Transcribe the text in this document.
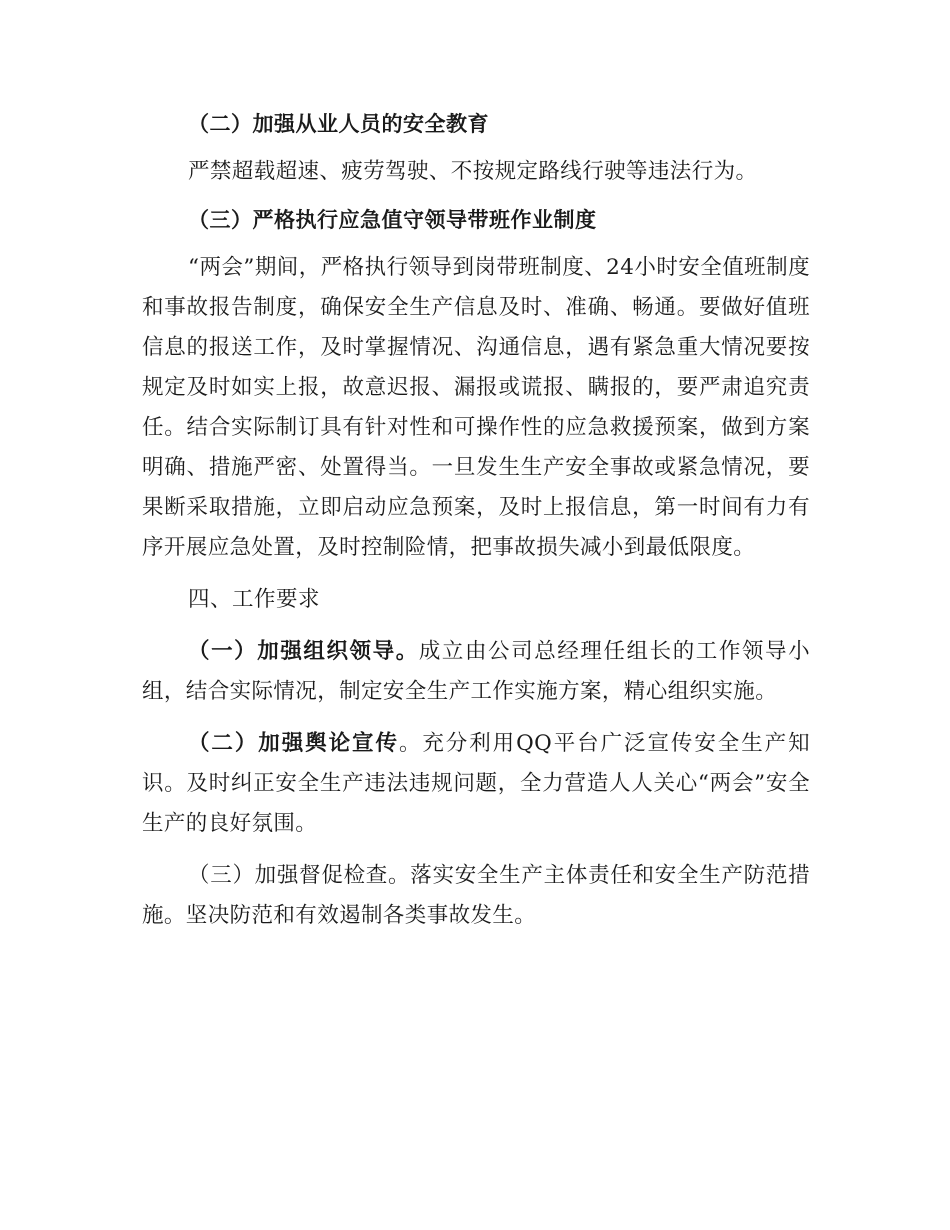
（二）加强从业人员的安全教育

严禁超载超速、疲劳驾驶、不按规定路线行驶等违法行为。

（三）严格执行应急值守领导带班作业制度

“两会”期间，严格执行领导到岗带班制度、24小时安全值班制度和事故报告制度，确保安全生产信息及时、准确、畅通。要做好值班信息的报送工作，及时掌握情况、沟通信息，遇有紧急重大情况要按规定及时如实上报，故意迟报、漏报或谎报、瞒报的，要严肃追究责任。结合实际制订具有针对性和可操作性的应急救援预案，做到方案明确、措施严密、处置得当。一旦发生生产安全事故或紧急情况，要果断采取措施，立即启动应急预案，及时上报信息，第一时间有力有序开展应急处置，及时控制险情，把事故损失减小到最低限度。

四、工作要求

（一）加强组织领导。成立由公司总经理任组长的工作领导小组，结合实际情况，制定安全生产工作实施方案，精心组织实施。

（二）加强舆论宣传。充分利用QQ平台广泛宣传安全生产知识。及时纠正安全生产违法违规问题，全力营造人人关心“两会”安全生产的良好氛围。

（三）加强督促检查。落实安全生产主体责任和安全生产防范措施。坚决防范和有效遏制各类事故发生。
